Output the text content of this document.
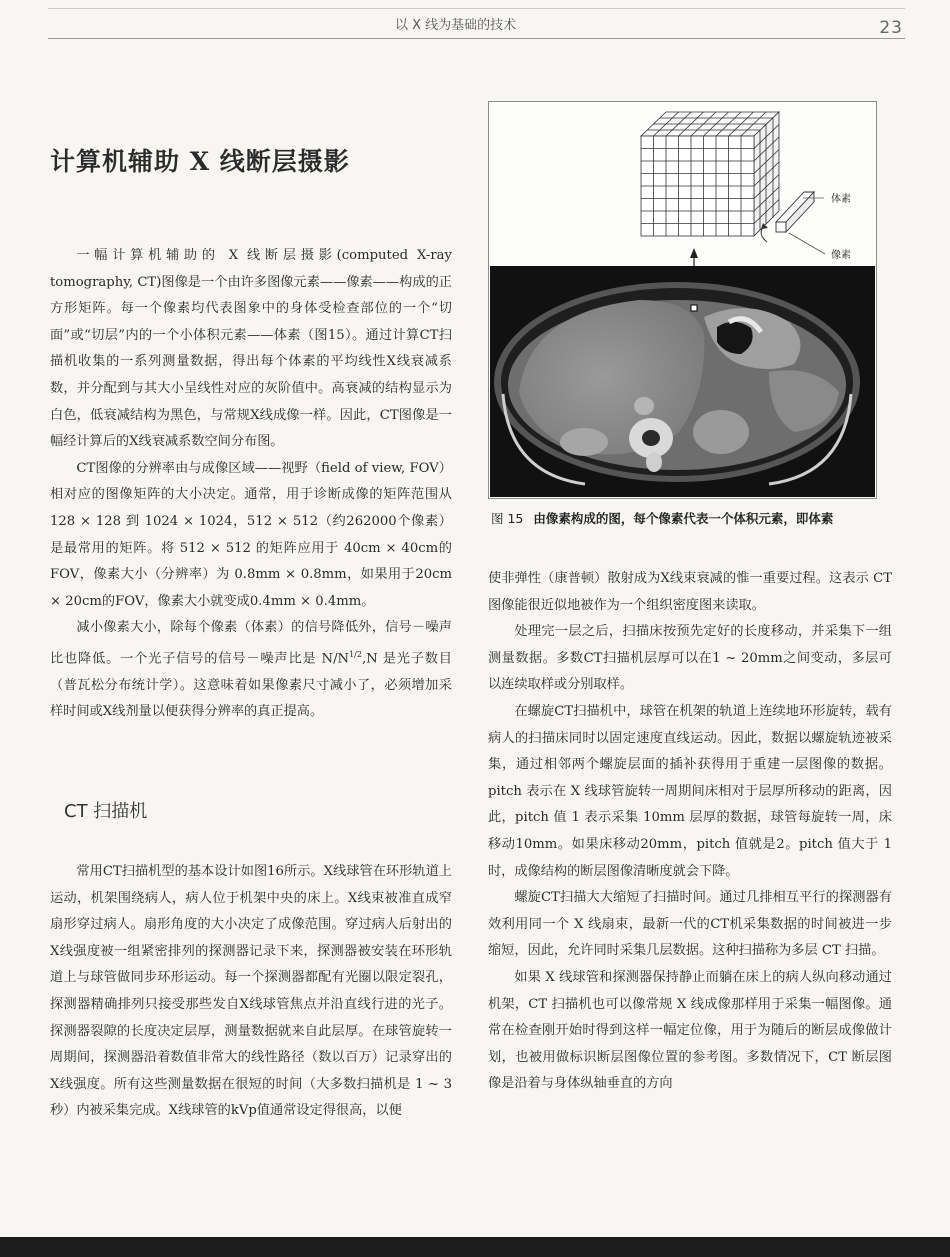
以 X 线为基础的技术	23
计算机辅助 X 线断层摄影

一幅计算机辅助的 X 线断层摄影(computed X-ray tomography, CT)图像是一个由许多图像元素——像素——构成的正方形矩阵。每一个像素均代表图象中的身体受检查部位的一个“切面”或“切层”内的一个小体积元素——体素（图15）。通过计算CT扫描机收集的一系列测量数据，得出每个体素的平均线性X线衰减系数，并分配到与其大小呈线性对应的灰阶值中。高衰减的结构显示为白色，低衰减结构为黑色，与常规X线成像一样。因此，CT图像是一幅经计算后的X线衰减系数空间分布图。

CT图像的分辨率由与成像区域——视野（field of view, FOV）相对应的图像矩阵的大小决定。通常，用于诊断成像的矩阵范围从 128 × 128 到 1024 × 1024，512 × 512（约262000个像素）是最常用的矩阵。将 512 × 512 的矩阵应用于 40cm × 40cm的 FOV，像素大小（分辨率）为 0.8mm × 0.8mm，如果用于20cm × 20cm的FOV，像素大小就变成0.4mm × 0.4mm。

减小像素大小，除每个像素（体素）的信号降低外，信号－噪声比也降低。一个光子信号的信号－噪声比是 $N/N^{1/2},N$ 是光子数目（普瓦松分布统计学）。这意味着如果像素尺寸减小了，必须增加采样时间或X线剂量以便获得分辨率的真正提高。

CT 扫描机

常用CT扫描机型的基本设计如图16所示。X线球管在环形轨道上运动，机架围绕病人，病人位于机架中央的床上。X线束被准直成窄扇形穿过病人。扇形角度的大小决定了成像范围。穿过病人后射出的X线强度被一组紧密排列的探测器记录下来，探测器被安装在环形轨道上与球管做同步环形运动。每一个探测器都配有光圈以限定裂孔，探测器精确排列只接受那些发自X线球管焦点并沿直线行进的光子。探测器裂隙的长度决定层厚，测量数据就来自此层厚。在球管旋转一周期间，探测器沿着数值非常大的线性路径（数以百万）记录穿出的X线强度。所有这些测量数据在很短的时间（大多数扫描机是 1 ~ 3秒）内被采集完成。X线球管的kVp值通常设定得很高，以便

体素
像素
图 15 由像素构成的图，每个像素代表一个体积元素，即体素

使非弹性（康普顿）散射成为X线束衰减的惟一重要过程。这表示 CT 图像能很近似地被作为一个组织密度图来读取。

处理完一层之后，扫描床按预先定好的长度移动，并采集下一组测量数据。多数CT扫描机层厚可以在1 ~ 20mm之间变动，多层可以连续取样或分别取样。

在螺旋CT扫描机中，球管在机架的轨道上连续地环形旋转，载有病人的扫描床同时以固定速度直线运动。因此，数据以螺旋轨迹被采集，通过相邻两个螺旋层面的插补获得用于重建一层图像的数据。pitch 表示在 X 线球管旋转一周期间床相对于层厚所移动的距离，因此，pitch 值 1 表示采集 10mm 层厚的数据，球管每旋转一周，床移动10mm。如果床移动20mm，pitch 值就是2。pitch 值大于 1 时，成像结构的断层图像清晰度就会下降。

螺旋CT扫描大大缩短了扫描时间。通过几排相互平行的探测器有效利用同一个 X 线扇束，最新一代的CT机采集数据的时间被进一步缩短，因此，允许同时采集几层数据。这种扫描称为多层 CT 扫描。

如果 X 线球管和探测器保持静止而躺在床上的病人纵向移动通过机架，CT 扫描机也可以像常规 X 线成像那样用于采集一幅图像。通常在检查刚开始时得到这样一幅定位像，用于为随后的断层成像做计划，也被用做标识断层图像位置的参考图。多数情况下，CT 断层图像是沿着与身体纵轴垂直的方向
